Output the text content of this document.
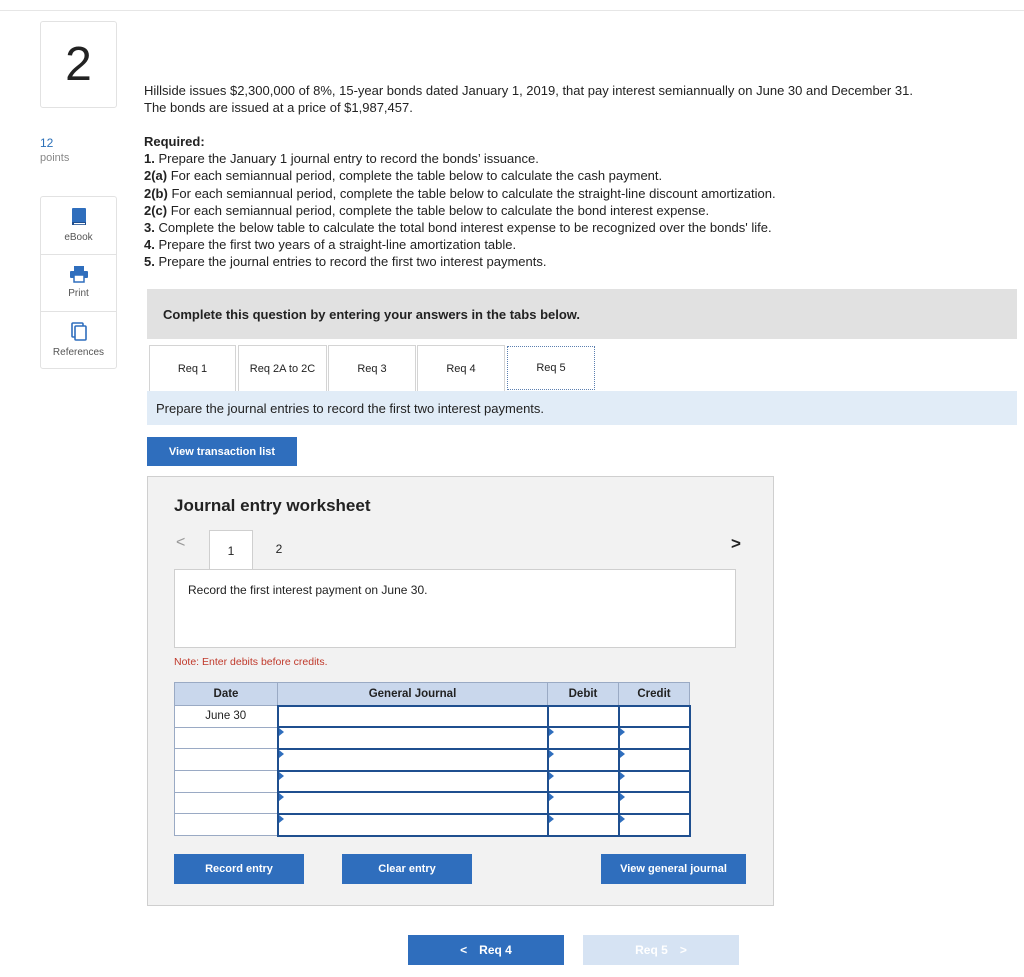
2
12
points
eBook
Print
References
Hillside issues $2,300,000 of 8%, 15-year bonds dated January 1, 2019, that pay interest semiannually on June 30 and December 31.
The bonds are issued at a price of $1,987,457.
Required:
1. Prepare the January 1 journal entry to record the bonds’ issuance.
2(a) For each semiannual period, complete the table below to calculate the cash payment.
2(b) For each semiannual period, complete the table below to calculate the straight-line discount amortization.
2(c) For each semiannual period, complete the table below to calculate the bond interest expense.
3. Complete the below table to calculate the total bond interest expense to be recognized over the bonds' life.
4. Prepare the first two years of a straight-line amortization table.
5. Prepare the journal entries to record the first two interest payments.
Complete this question by entering your answers in the tabs below.
Req 1	Req 2A to 2C	Req 3	Req 4	Req 5
Prepare the journal entries to record the first two interest payments.
View transaction list
Journal entry worksheet
<	1	2	>
Record the first interest payment on June 30.
Note: Enter debits before credits.
Date	General Journal	Debit	Credit
June 30			

Record entry	Clear entry	View general journal
< Req 4	Req 5 >
